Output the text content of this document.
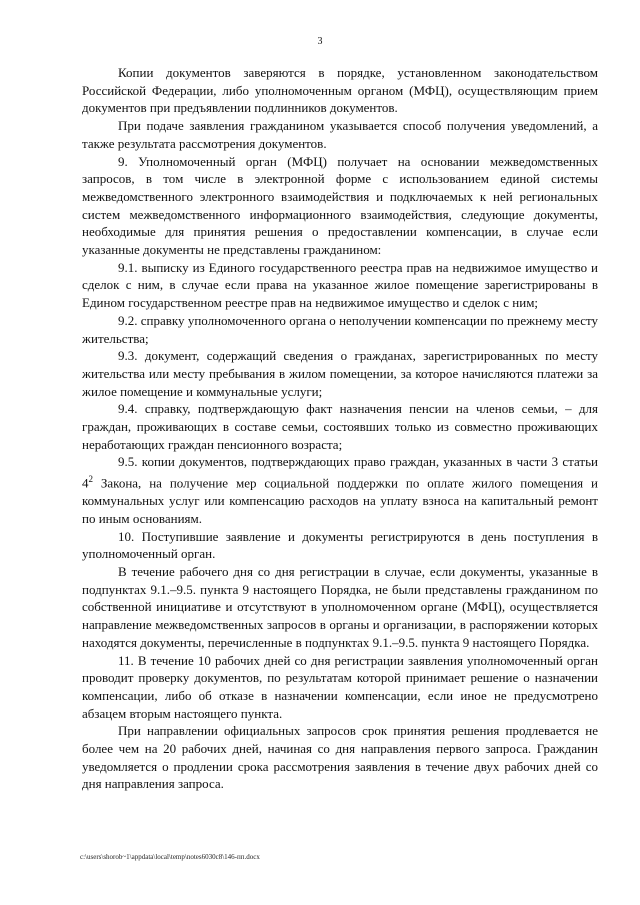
3

Копии документов заверяются в порядке, установленном законодательством Российской Федерации, либо уполномоченным органом (МФЦ), осуществляющим прием документов при предъявлении подлинников документов.

При подаче заявления гражданином указывается способ получения уведомлений, а также результата рассмотрения документов.

9. Уполномоченный орган (МФЦ) получает на основании межведомственных запросов, в том числе в электронной форме с использованием единой системы межведомственного электронного взаимодействия и подключаемых к ней региональных систем межведомственного информационного взаимодействия, следующие документы, необходимые для принятия решения о предоставлении компенсации, в случае если указанные документы не представлены гражданином:

9.1. выписку из Единого государственного реестра прав на недвижимое имущество и сделок с ним, в случае если права на указанное жилое помещение зарегистрированы в Едином государственном реестре прав на недвижимое имущество и сделок с ним;

9.2. справку уполномоченного органа о неполучении компенсации по прежнему месту жительства;

9.3. документ, содержащий сведения о гражданах, зарегистрированных по месту жительства или месту пребывания в жилом помещении, за которое начисляются платежи за жилое помещение и коммунальные услуги;

9.4. справку, подтверждающую факт назначения пенсии на членов семьи, – для граждан, проживающих в составе семьи, состоявших только из совместно проживающих неработающих граждан пенсионного возраста;

9.5. копии документов, подтверждающих право граждан, указанных в части 3 статьи $4^2$ Закона, на получение мер социальной поддержки по оплате жилого помещения и коммунальных услуг или компенсацию расходов на уплату взноса на капитальный ремонт по иным основаниям.

10. Поступившие заявление и документы регистрируются в день поступления в уполномоченный орган.

В течение рабочего дня со дня регистрации в случае, если документы, указанные в подпунктах 9.1.–9.5. пункта 9 настоящего Порядка, не были представлены гражданином по собственной инициативе и отсутствуют в уполномоченном органе (МФЦ), осуществляется направление межведомственных запросов в органы и организации, в распоряжении которых находятся документы, перечисленные в подпунктах 9.1.–9.5. пункта 9 настоящего Порядка.

11. В течение 10 рабочих дней со дня регистрации заявления уполномоченный орган проводит проверку документов, по результатам которой принимает решение о назначении компенсации, либо об отказе в назначении компенсации, если иное не предусмотрено абзацем вторым настоящего пункта.

При направлении официальных запросов срок принятия решения продлевается не более чем на 20 рабочих дней, начиная со дня направления первого запроса. Гражданин уведомляется о продлении срока рассмотрения заявления в течение двух рабочих дней со дня направления запроса.

c:\users\shorob~1\appdata\local\temp\notes6030c8\146-пп.docx
